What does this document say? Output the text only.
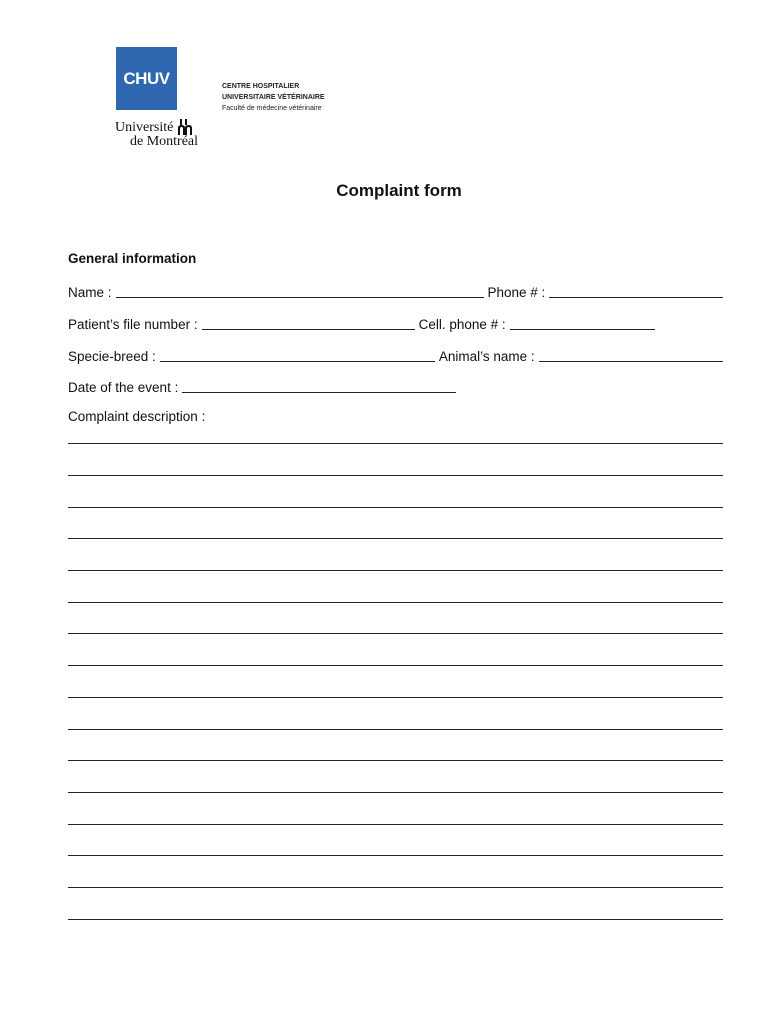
CHUV	CENTRE HOSPITALIER
UNIVERSITAIRE VÉTÉRINAIRE
Faculté de médecine vétérinaire
Université
de Montréal
Complaint form
General information
Name :	Phone # :
Patient’s file number :	Cell. phone # :
Specie-breed :	Animal’s name :
Date of the event :
Complaint description :
